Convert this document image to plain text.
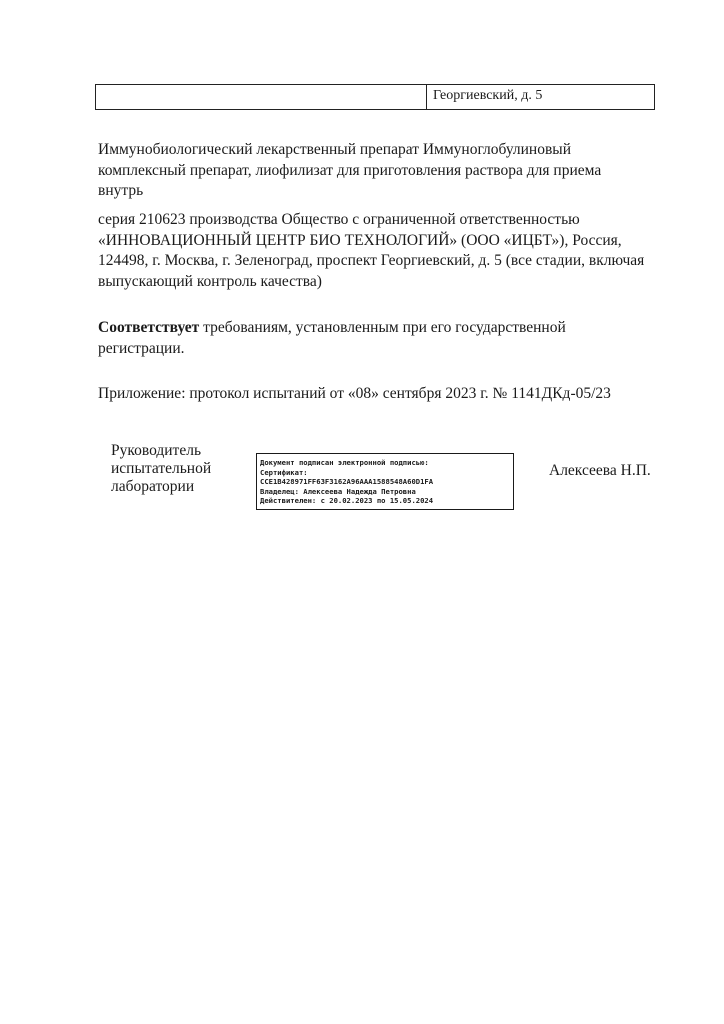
Георгиевский, д. 5
Иммунобиологический лекарственный препарат Иммуноглобулиновый
комплексный препарат, лиофилизат для приготовления раствора для приема
внутрь
серия 210623 производства Общество с ограниченной ответственностью
«ИННОВАЦИОННЫЙ ЦЕНТР БИО ТЕХНОЛОГИЙ» (ООО «ИЦБТ»), Россия,
124498, г. Москва, г. Зеленоград, проспект Георгиевский, д. 5 (все стадии, включая
выпускающий контроль качества)
Соответствует требованиям, установленным при его государственной
регистрации.
Приложение: протокол испытаний от «08» сентября 2023 г. № 1141ДКд-05/23
Руководитель
испытательной
лаборатории
Документ подписан электронной подписью:
Сертификат:
CCE1B428971FF63F3162A96AAA1588548A60D1FA
Владелец: Алексеева Надежда Петровна
Действителен: с 20.02.2023 по 15.05.2024
Алексеева Н.П.
